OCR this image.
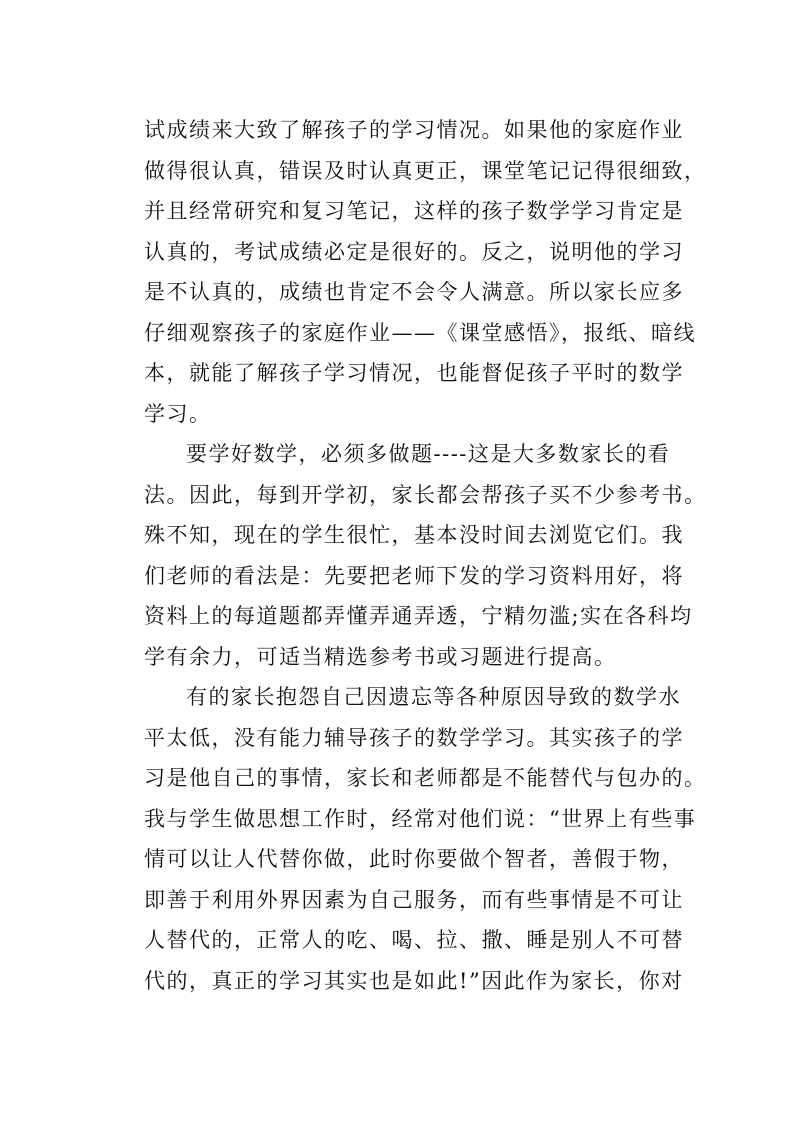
试成绩来大致了解孩子的学习情况。如果他的家庭作业
做得很认真，错误及时认真更正，课堂笔记记得很细致，
并且经常研究和复习笔记，这样的孩子数学学习肯定是
认真的，考试成绩必定是很好的。反之，说明他的学习
是不认真的，成绩也肯定不会令人满意。所以家长应多
仔细观察孩子的家庭作业——《课堂感悟》，报纸、暗线
本，就能了解孩子学习情况，也能督促孩子平时的数学
学习。
要学好数学，必须多做题----这是大多数家长的看
法。因此，每到开学初，家长都会帮孩子买不少参考书。
殊不知，现在的学生很忙，基本没时间去浏览它们。我
们老师的看法是：先要把老师下发的学习资料用好，将
资料上的每道题都弄懂弄通弄透，宁精勿滥;实在各科均
学有余力，可适当精选参考书或习题进行提高。
有的家长抱怨自己因遗忘等各种原因导致的数学水
平太低，没有能力辅导孩子的数学学习。其实孩子的学
习是他自己的事情，家长和老师都是不能替代与包办的。
我与学生做思想工作时，经常对他们说：“世界上有些事
情可以让人代替你做，此时你要做个智者，善假于物，
即善于利用外界因素为自己服务，而有些事情是不可让
人替代的，正常人的吃、喝、拉、撒、睡是别人不可替
代的，真正的学习其实也是如此!”因此作为家长，你对
